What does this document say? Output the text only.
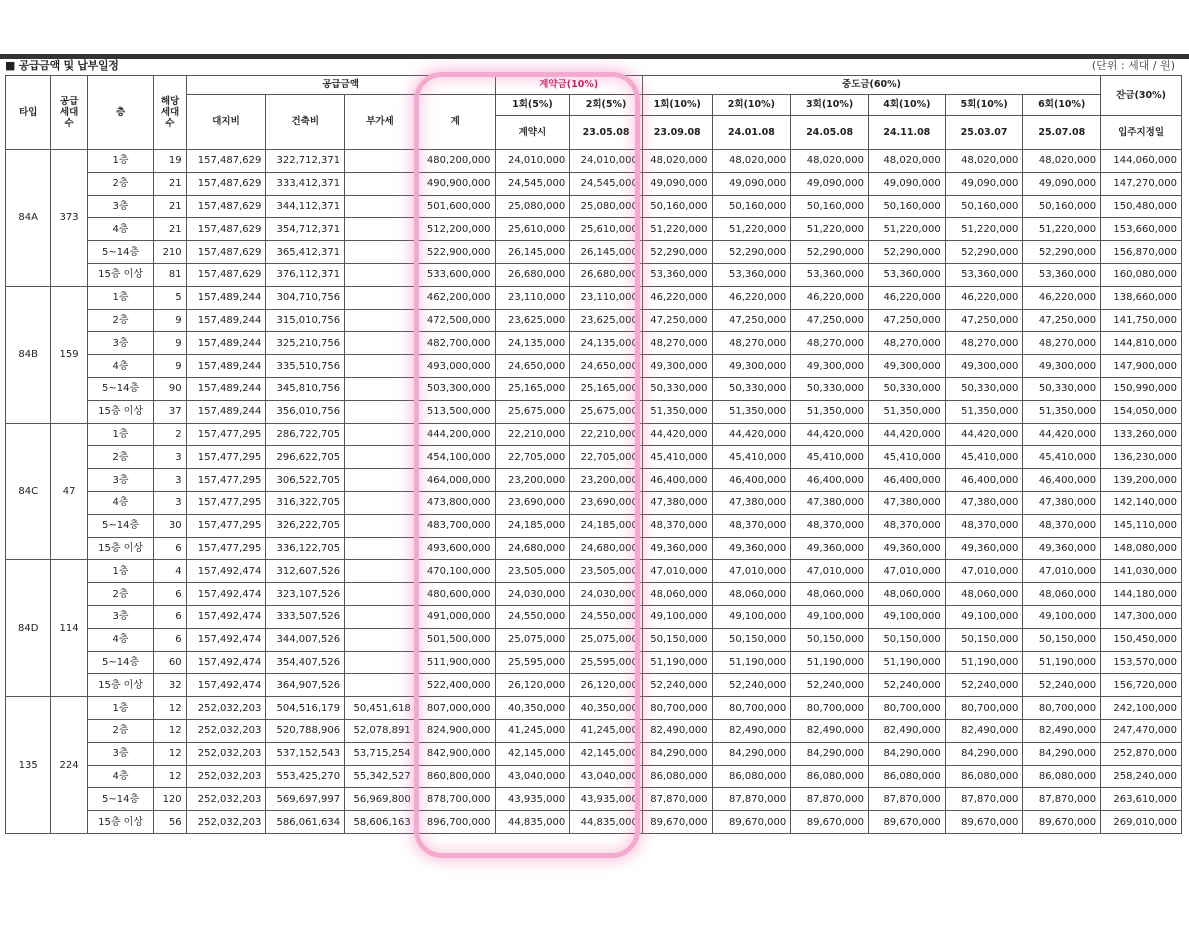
■ 공급금액 및 납부일정	(단위 : 세대 / 원)
타입	공급세대수	층	해당세대수	공급금액				계약금(10%)		중도금(60%)						잔금(30%)
				대지비	건축비	부가세	계	1회(5%)	2회(5%)	1회(10%)	2회(10%)	3회(10%)	4회(10%)	5회(10%)	6회(10%)	
								계약시	23.05.08	23.09.08	24.01.08	24.05.08	24.11.08	25.03.07	25.07.08	입주지정일
84A	373	1층	19	157,487,629	322,712,371		480,200,000	24,010,000	24,010,000	48,020,000	48,020,000	48,020,000	48,020,000	48,020,000	48,020,000	144,060,000
		2층	21	157,487,629	333,412,371		490,900,000	24,545,000	24,545,000	49,090,000	49,090,000	49,090,000	49,090,000	49,090,000	49,090,000	147,270,000
		3층	21	157,487,629	344,112,371		501,600,000	25,080,000	25,080,000	50,160,000	50,160,000	50,160,000	50,160,000	50,160,000	50,160,000	150,480,000
		4층	21	157,487,629	354,712,371		512,200,000	25,610,000	25,610,000	51,220,000	51,220,000	51,220,000	51,220,000	51,220,000	51,220,000	153,660,000
		5~14층	210	157,487,629	365,412,371		522,900,000	26,145,000	26,145,000	52,290,000	52,290,000	52,290,000	52,290,000	52,290,000	52,290,000	156,870,000
		15층 이상	81	157,487,629	376,112,371		533,600,000	26,680,000	26,680,000	53,360,000	53,360,000	53,360,000	53,360,000	53,360,000	53,360,000	160,080,000
84B	159	1층	5	157,489,244	304,710,756		462,200,000	23,110,000	23,110,000	46,220,000	46,220,000	46,220,000	46,220,000	46,220,000	46,220,000	138,660,000
		2층	9	157,489,244	315,010,756		472,500,000	23,625,000	23,625,000	47,250,000	47,250,000	47,250,000	47,250,000	47,250,000	47,250,000	141,750,000
		3층	9	157,489,244	325,210,756		482,700,000	24,135,000	24,135,000	48,270,000	48,270,000	48,270,000	48,270,000	48,270,000	48,270,000	144,810,000
		4층	9	157,489,244	335,510,756		493,000,000	24,650,000	24,650,000	49,300,000	49,300,000	49,300,000	49,300,000	49,300,000	49,300,000	147,900,000
		5~14층	90	157,489,244	345,810,756		503,300,000	25,165,000	25,165,000	50,330,000	50,330,000	50,330,000	50,330,000	50,330,000	50,330,000	150,990,000
		15층 이상	37	157,489,244	356,010,756		513,500,000	25,675,000	25,675,000	51,350,000	51,350,000	51,350,000	51,350,000	51,350,000	51,350,000	154,050,000
84C	47	1층	2	157,477,295	286,722,705		444,200,000	22,210,000	22,210,000	44,420,000	44,420,000	44,420,000	44,420,000	44,420,000	44,420,000	133,260,000
		2층	3	157,477,295	296,622,705		454,100,000	22,705,000	22,705,000	45,410,000	45,410,000	45,410,000	45,410,000	45,410,000	45,410,000	136,230,000
		3층	3	157,477,295	306,522,705		464,000,000	23,200,000	23,200,000	46,400,000	46,400,000	46,400,000	46,400,000	46,400,000	46,400,000	139,200,000
		4층	3	157,477,295	316,322,705		473,800,000	23,690,000	23,690,000	47,380,000	47,380,000	47,380,000	47,380,000	47,380,000	47,380,000	142,140,000
		5~14층	30	157,477,295	326,222,705		483,700,000	24,185,000	24,185,000	48,370,000	48,370,000	48,370,000	48,370,000	48,370,000	48,370,000	145,110,000
		15층 이상	6	157,477,295	336,122,705		493,600,000	24,680,000	24,680,000	49,360,000	49,360,000	49,360,000	49,360,000	49,360,000	49,360,000	148,080,000
84D	114	1층	4	157,492,474	312,607,526		470,100,000	23,505,000	23,505,000	47,010,000	47,010,000	47,010,000	47,010,000	47,010,000	47,010,000	141,030,000
		2층	6	157,492,474	323,107,526		480,600,000	24,030,000	24,030,000	48,060,000	48,060,000	48,060,000	48,060,000	48,060,000	48,060,000	144,180,000
		3층	6	157,492,474	333,507,526		491,000,000	24,550,000	24,550,000	49,100,000	49,100,000	49,100,000	49,100,000	49,100,000	49,100,000	147,300,000
		4층	6	157,492,474	344,007,526		501,500,000	25,075,000	25,075,000	50,150,000	50,150,000	50,150,000	50,150,000	50,150,000	50,150,000	150,450,000
		5~14층	60	157,492,474	354,407,526		511,900,000	25,595,000	25,595,000	51,190,000	51,190,000	51,190,000	51,190,000	51,190,000	51,190,000	153,570,000
		15층 이상	32	157,492,474	364,907,526		522,400,000	26,120,000	26,120,000	52,240,000	52,240,000	52,240,000	52,240,000	52,240,000	52,240,000	156,720,000
135	224	1층	12	252,032,203	504,516,179	50,451,618	807,000,000	40,350,000	40,350,000	80,700,000	80,700,000	80,700,000	80,700,000	80,700,000	80,700,000	242,100,000
		2층	12	252,032,203	520,788,906	52,078,891	824,900,000	41,245,000	41,245,000	82,490,000	82,490,000	82,490,000	82,490,000	82,490,000	82,490,000	247,470,000
		3층	12	252,032,203	537,152,543	53,715,254	842,900,000	42,145,000	42,145,000	84,290,000	84,290,000	84,290,000	84,290,000	84,290,000	84,290,000	252,870,000
		4층	12	252,032,203	553,425,270	55,342,527	860,800,000	43,040,000	43,040,000	86,080,000	86,080,000	86,080,000	86,080,000	86,080,000	86,080,000	258,240,000
		5~14층	120	252,032,203	569,697,997	56,969,800	878,700,000	43,935,000	43,935,000	87,870,000	87,870,000	87,870,000	87,870,000	87,870,000	87,870,000	263,610,000
		15층 이상	56	252,032,203	586,061,634	58,606,163	896,700,000	44,835,000	44,835,000	89,670,000	89,670,000	89,670,000	89,670,000	89,670,000	89,670,000	269,010,000
